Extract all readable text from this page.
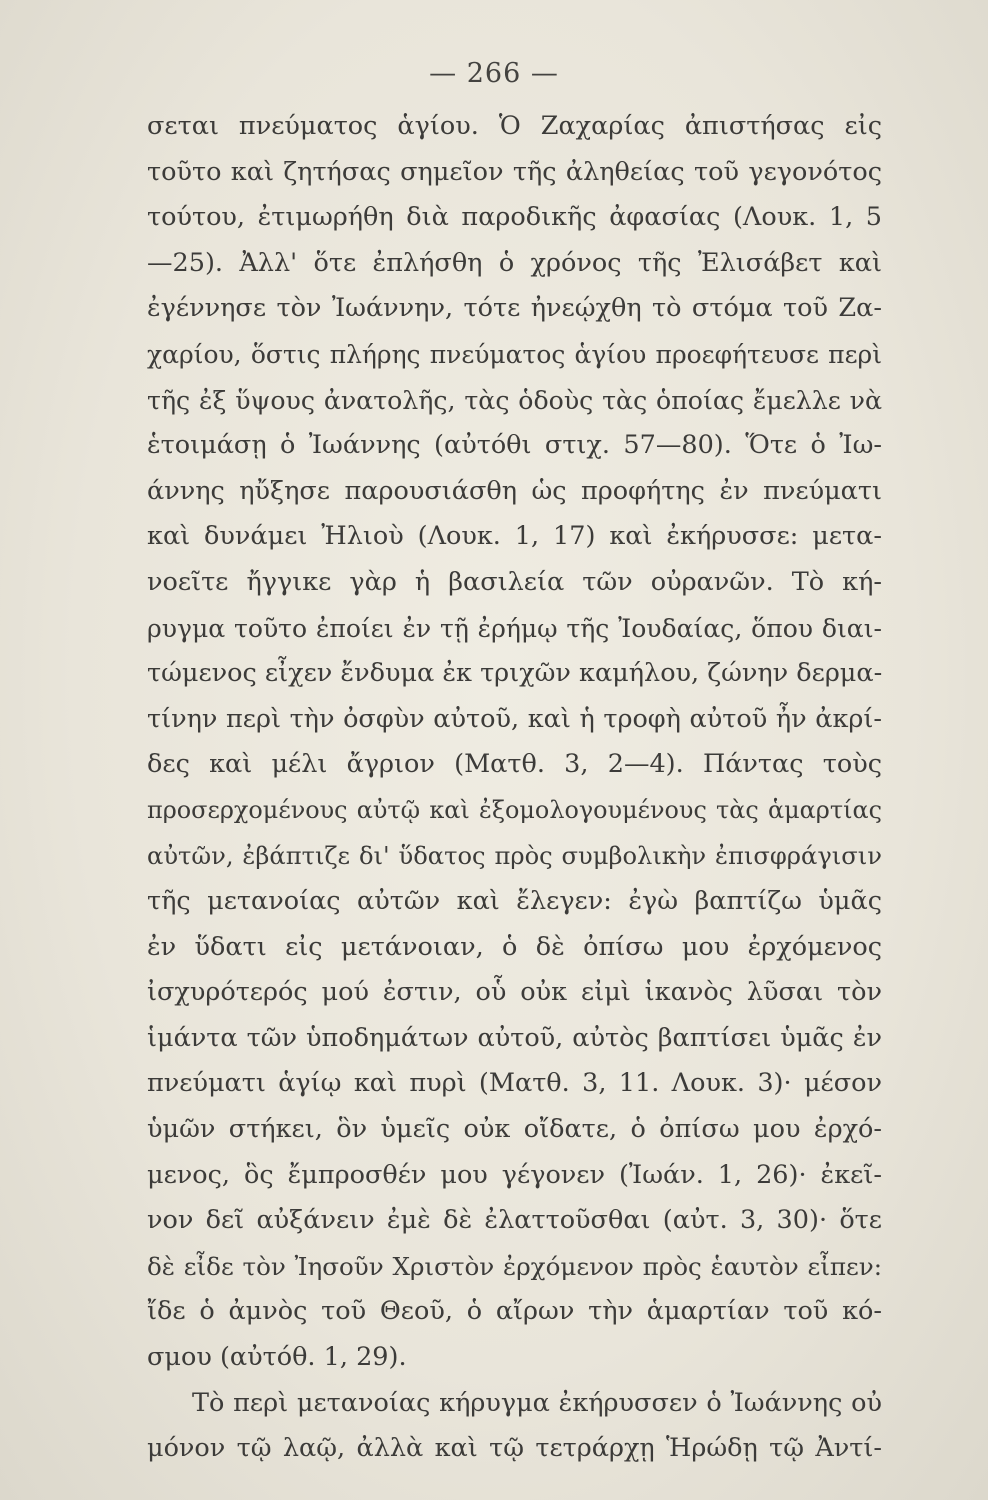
— 266 —
σεται πνεύματος ἁγίου. Ὁ Ζαχαρίας ἀπιστήσας εἰς
τοῦτο καὶ ζητήσας σημεῖον τῆς ἀληθείας τοῦ γεγονότος
τούτου, ἐτιμωρήθη διὰ παροδικῆς ἀφασίας (Λουκ. 1, 5
—25). Ἀλλ' ὅτε ἐπλήσθη ὁ χρόνος τῆς Ἐλισάβετ καὶ
ἐγέννησε τὸν Ἰωάννην, τότε ἠνεῴχθη τὸ στόμα τοῦ Ζα-
χαρίου, ὅστις πλήρης πνεύματος ἁγίου προεφήτευσε περὶ
τῆς ἐξ ὕψους ἀνατολῆς, τὰς ὁδοὺς τὰς ὁποίας ἔμελλε νὰ
ἑτοιμάσῃ ὁ Ἰωάννης (αὐτόθι στιχ. 57—80). Ὅτε ὁ Ἰω-
άννης ηὔξησε παρουσιάσθη ὡς προφήτης ἐν πνεύματι
καὶ δυνάμει Ἠλιοὺ (Λουκ. 1, 17) καὶ ἐκήρυσσε: μετα-
νοεῖτε ἤγγικε γὰρ ἡ βασιλεία τῶν οὐρανῶν. Τὸ κή-
ρυγμα τοῦτο ἐποίει ἐν τῇ ἐρήμῳ τῆς Ἰουδαίας, ὅπου διαι-
τώμενος εἶχεν ἔνδυμα ἐκ τριχῶν καμήλου, ζώνην δερμα-
τίνην περὶ τὴν ὀσφὺν αὐτοῦ, καὶ ἡ τροφὴ αὐτοῦ ἦν ἀκρί-
δες καὶ μέλι ἄγριον (Ματθ. 3, 2—4). Πάντας τοὺς
προσερχομένους αὐτῷ καὶ ἐξομολογουμένους τὰς ἁμαρτίας
αὐτῶν, ἐβάπτιζε δι' ὕδατος πρὸς συμβολικὴν ἐπισφράγισιν
τῆς μετανοίας αὐτῶν καὶ ἔλεγεν: ἐγὼ βαπτίζω ὑμᾶς
ἐν ὕδατι εἰς μετάνοιαν, ὁ δὲ ὀπίσω μου ἐρχόμενος
ἰσχυρότερός μού ἐστιν, οὗ οὐκ εἰμὶ ἱκανὸς λῦσαι τὸν
ἱμάντα τῶν ὑποδημάτων αὐτοῦ, αὐτὸς βαπτίσει ὑμᾶς ἐν
πνεύματι ἁγίῳ καὶ πυρὶ (Ματθ. 3, 11. Λουκ. 3)· μέσον
ὑμῶν στήκει, ὃν ὑμεῖς οὐκ οἴδατε, ὁ ὀπίσω μου ἐρχό-
μενος, ὃς ἔμπροσθέν μου γέγονεν (Ἰωάν. 1, 26)· ἐκεῖ-
νον δεῖ αὐξάνειν ἐμὲ δὲ ἐλαττοῦσθαι (αὐτ. 3, 30)· ὅτε
δὲ εἶδε τὸν Ἰησοῦν Χριστὸν ἐρχόμενον πρὸς ἑαυτὸν εἶπεν:
ἴδε ὁ ἀμνὸς τοῦ Θεοῦ, ὁ αἴρων τὴν ἁμαρτίαν τοῦ κό-
σμου (αὐτόθ. 1, 29).
Τὸ περὶ μετανοίας κήρυγμα ἐκήρυσσεν ὁ Ἰωάννης οὐ
μόνον τῷ λαῷ, ἀλλὰ καὶ τῷ τετράρχῃ Ἡρώδῃ τῷ Ἀντί-
